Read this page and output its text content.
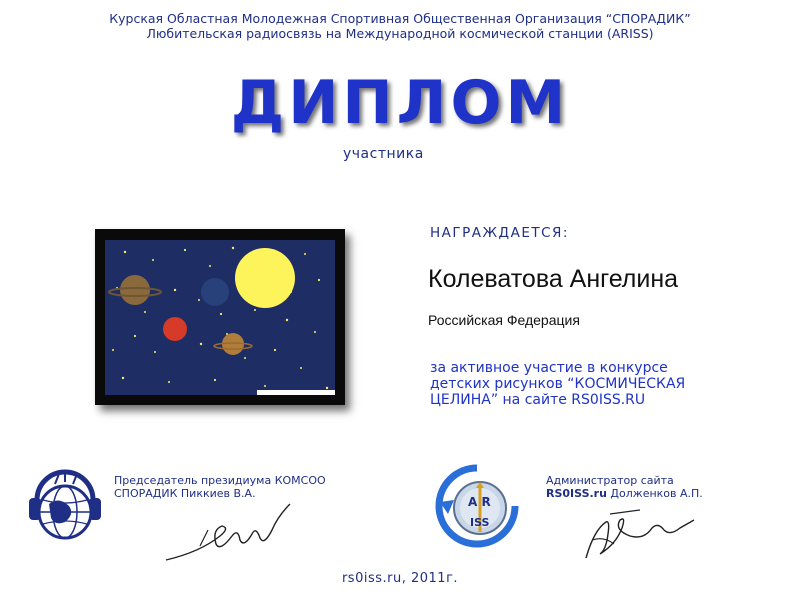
Курская Областная Молодежная Спортивная Общественная Организация “СПОРАДИК”
Любительская радиосвязь на Международной космической станции (ARISS)
ДИПЛОМ
участника
НАГРАЖДАЕТСЯ:
Колеватова Ангелина
Российская Федерация
за активное участие в конкурсе
детских рисунков “КОСМИЧЕСКАЯ
ЦЕЛИНА” на сайте RS0ISS.RU
Председатель президиума КОМСОО
СПОРАДИК Пиккиев В.А.
A R
ISS
Администратор сайта
RS0ISS.ru Долженков А.П.
rs0iss.ru, 2011г.
